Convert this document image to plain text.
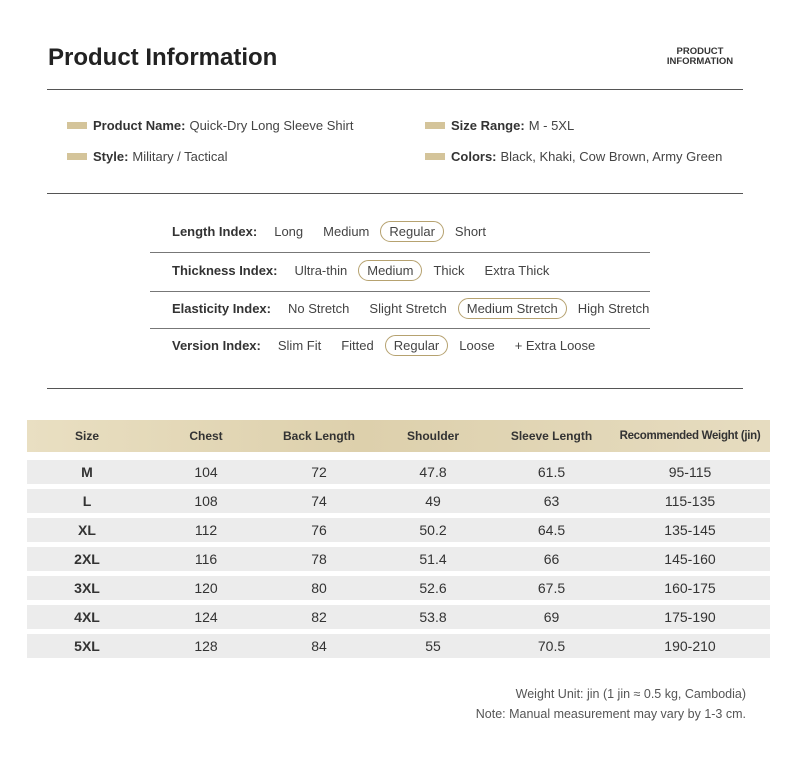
Product Information	PRODUCT INFORMATION
Product Name: Quick-Dry Long Sleeve Shirt	Size Range: M - 5XL
Style: Military / Tactical	Colors: Black, Khaki, Cow Brown, Army Green
Length Index:	Long	Medium	Regular	Short
Thickness Index:	Ultra-thin	Medium	Thick	Extra Thick
Elasticity Index:	No Stretch	Slight Stretch	Medium Stretch	High Stretch
Version Index:	Slim Fit	Fitted	Regular	Loose	+ Extra Loose
Size	Chest	Back Length	Shoulder	Sleeve Length	Recommended Weight (jin)
M	104	72	47.8	61.5	95-115
L	108	74	49	63	115-135
XL	112	76	50.2	64.5	135-145
2XL	116	78	51.4	66	145-160
3XL	120	80	52.6	67.5	160-175
4XL	124	82	53.8	69	175-190
5XL	128	84	55	70.5	190-210
Weight Unit: jin (1 jin ≈ 0.5 kg, Cambodia)
Note: Manual measurement may vary by 1-3 cm.
